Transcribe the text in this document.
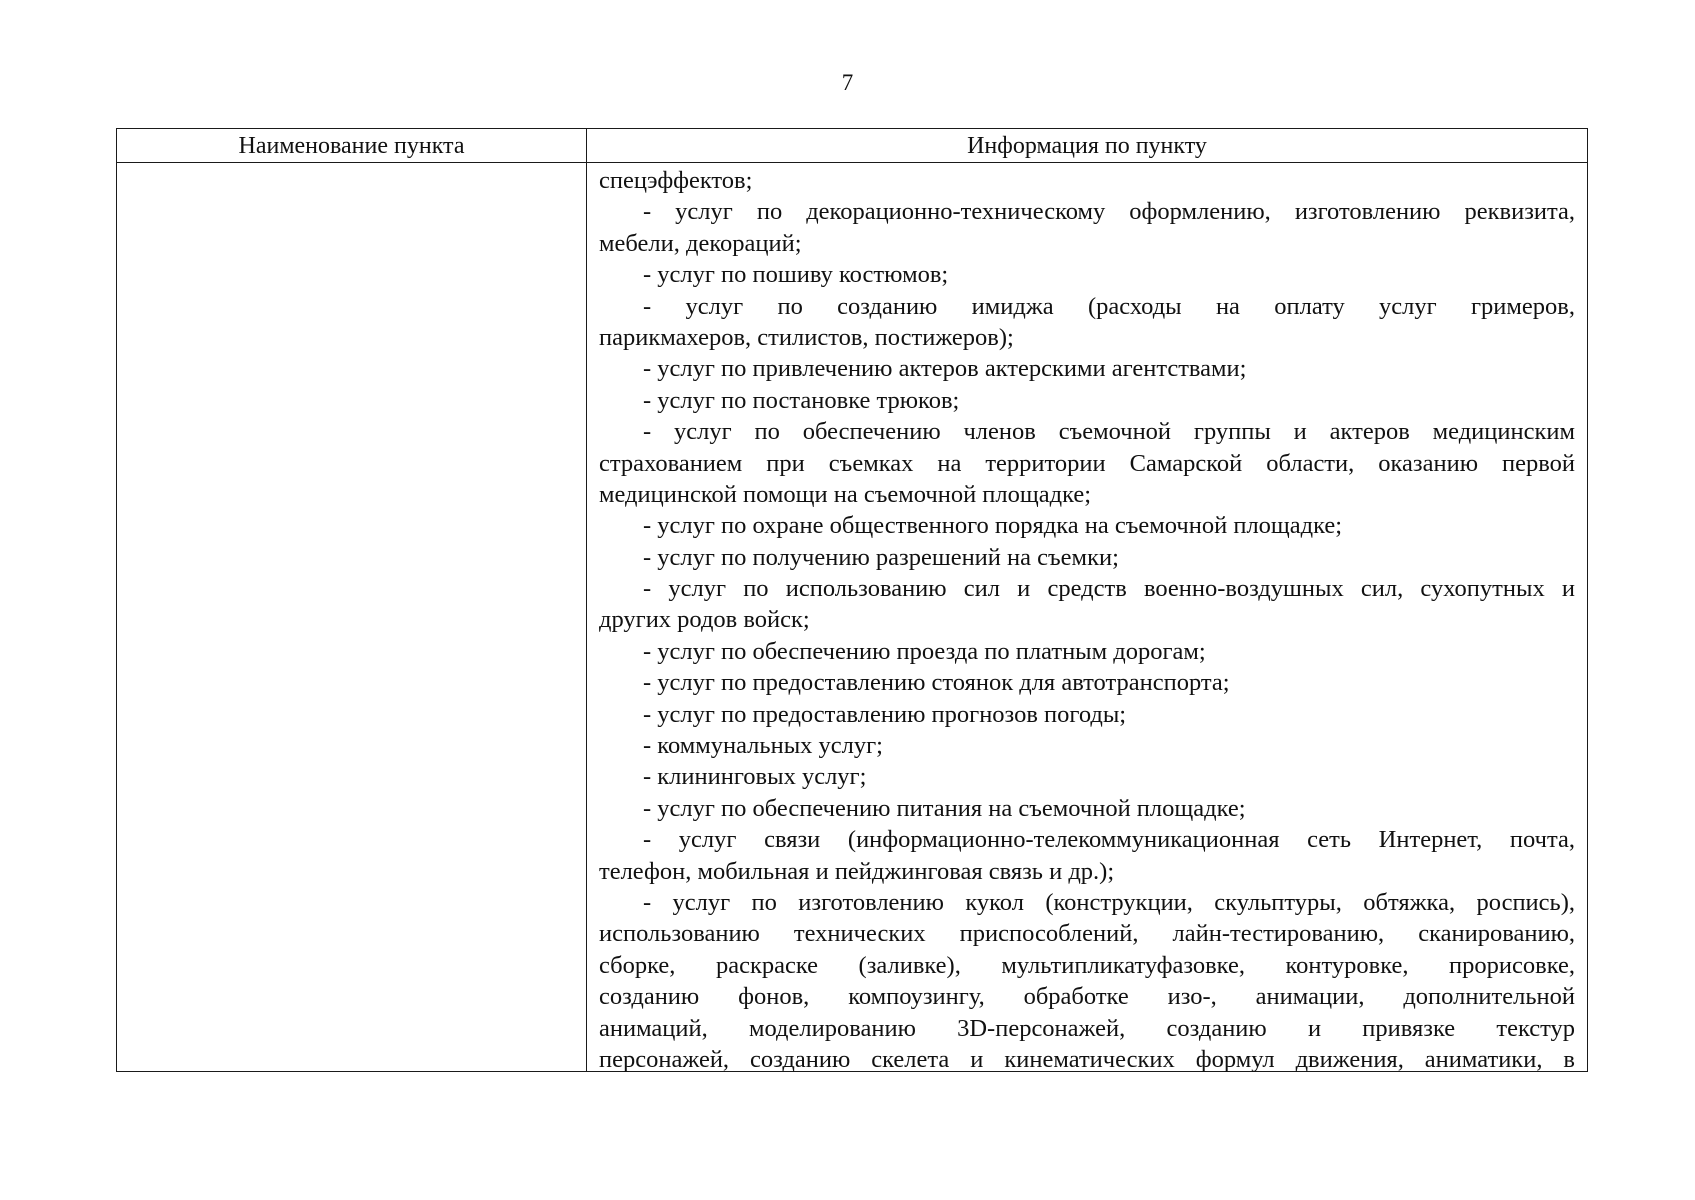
7
Наименование пункта	Информация по пункту
спецэффектов;
- услуг по декорационно-техническому оформлению, изготовлению реквизита,
мебели, декораций;
- услуг по пошиву костюмов;
- услуг по созданию имиджа (расходы на оплату услуг гримеров,
парикмахеров, стилистов, постижеров);
- услуг по привлечению актеров актерскими агентствами;
- услуг по постановке трюков;
- услуг по обеспечению членов съемочной группы и актеров медицинским
страхованием при съемках на территории Самарской области, оказанию первой
медицинской помощи на съемочной площадке;
- услуг по охране общественного порядка на съемочной площадке;
- услуг по получению разрешений на съемки;
- услуг по использованию сил и средств военно-воздушных сил, сухопутных и
других родов войск;
- услуг по обеспечению проезда по платным дорогам;
- услуг по предоставлению стоянок для автотранспорта;
- услуг по предоставлению прогнозов погоды;
- коммунальных услуг;
- клининговых услуг;
- услуг по обеспечению питания на съемочной площадке;
- услуг связи (информационно-телекоммуникационная сеть Интернет, почта,
телефон, мобильная и пейджинговая связь и др.);
- услуг по изготовлению кукол (конструкции, скульптуры, обтяжка, роспись),
использованию технических приспособлений, лайн-тестированию, сканированию,
сборке, раскраске (заливке), мультипликатуфазовке, контуровке, прорисовке,
созданию фонов, компоузингу, обработке изо-, анимации, дополнительной
анимаций, моделированию 3D-персонажей, созданию и привязке текстур
персонажей, созданию скелета и кинематических формул движения, аниматики, в
